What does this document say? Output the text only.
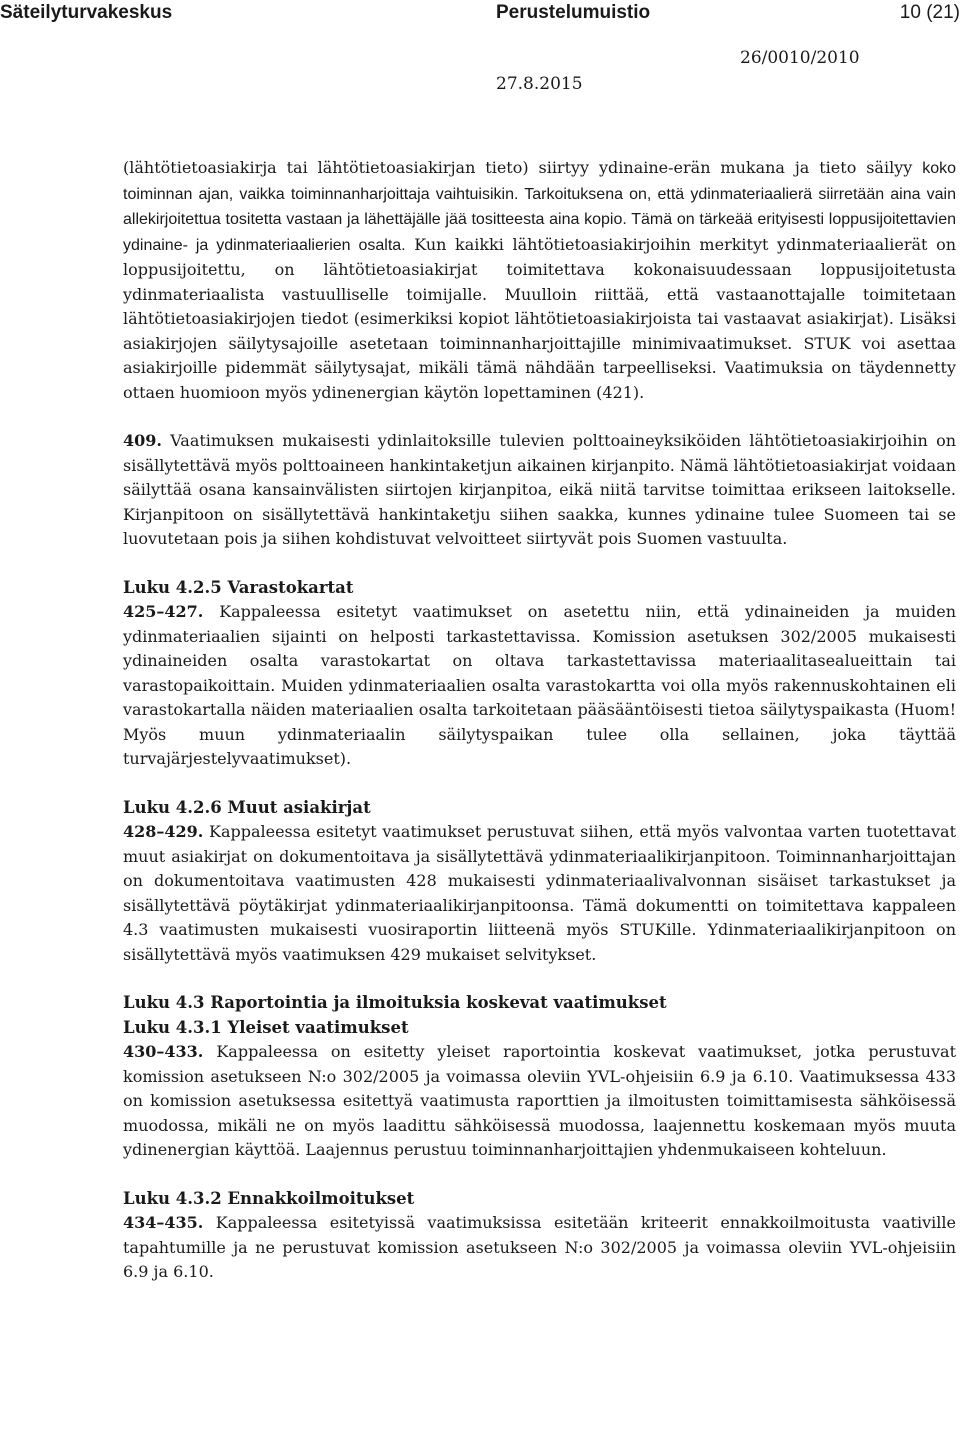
Säteilyturvakeskus	Perustelumuistio	10 (21)
26/0010/2010
27.8.2015

(lähtötietoasiakirja tai lähtötietoasiakirjan tieto) siirtyy ydinaine-erän mukana ja tieto säilyy koko toiminnan ajan, vaikka toiminnanharjoittaja vaihtuisikin. Tarkoituksena on, että ydinmateriaalierä siirretään aina vain allekirjoitettua tositetta vastaan ja lähettäjälle jää tositteesta aina kopio. Tämä on tärkeää erityisesti loppusijoitettavien ydinaine- ja ydinmateriaalierien osalta. Kun kaikki lähtötietoasiakirjoihin merkityt ydinmateriaalierät on loppusijoitettu, on lähtötietoasiakirjat toimitettava kokonaisuudessaan loppusijoitetusta ydinmateriaalista vastuulliselle toimijalle. Muulloin riittää, että vastaanottajalle toimitetaan lähtötietoasiakirjojen tiedot (esimerkiksi kopiot lähtötietoasiakirjoista tai vastaavat asiakirjat). Lisäksi asiakirjojen säilytysajoille asetetaan toiminnanharjoittajille minimivaatimukset. STUK voi asettaa asiakirjoille pidemmät säilytysajat, mikäli tämä nähdään tarpeelliseksi. Vaatimuksia on täydennetty ottaen huomioon myös ydinenergian käytön lopettaminen (421).

409. Vaatimuksen mukaisesti ydinlaitoksille tulevien polttoaineyksiköiden lähtötietoasiakirjoihin on sisällytettävä myös polttoaineen hankintaketjun aikainen kirjanpito. Nämä lähtötietoasiakirjat voidaan säilyttää osana kansainvälisten siirtojen kirjanpitoa, eikä niitä tarvitse toimittaa erikseen laitokselle. Kirjanpitoon on sisällytettävä hankintaketju siihen saakka, kunnes ydinaine tulee Suomeen tai se luovutetaan pois ja siihen kohdistuvat velvoitteet siirtyvät pois Suomen vastuulta.

Luku 4.2.5 Varastokartat

425–427. Kappaleessa esitetyt vaatimukset on asetettu niin, että ydinaineiden ja muiden ydinmateriaalien sijainti on helposti tarkastettavissa. Komission asetuksen 302/2005 mukaisesti ydinaineiden osalta varastokartat on oltava tarkastettavissa materiaalitasealueittain tai varastopaikoittain. Muiden ydinmateriaalien osalta varastokartta voi olla myös rakennuskohtainen eli varastokartalla näiden materiaalien osalta tarkoitetaan pääsääntöisesti tietoa säilytyspaikasta (Huom! Myös muun ydinmateriaalin säilytyspaikan tulee olla sellainen, joka täyttää turvajärjestelyvaatimukset).

Luku 4.2.6 Muut asiakirjat

428–429. Kappaleessa esitetyt vaatimukset perustuvat siihen, että myös valvontaa varten tuotettavat muut asiakirjat on dokumentoitava ja sisällytettävä ydinmateriaalikirjanpitoon. Toiminnanharjoittajan on dokumentoitava vaatimusten 428 mukaisesti ydinmateriaalivalvonnan sisäiset tarkastukset ja sisällytettävä pöytäkirjat ydinmateriaalikirjanpitoonsa. Tämä dokumentti on toimitettava kappaleen 4.3 vaatimusten mukaisesti vuosiraportin liitteenä myös STUKille. Ydinmateriaalikirjanpitoon on sisällytettävä myös vaatimuksen 429 mukaiset selvitykset.

Luku 4.3 Raportointia ja ilmoituksia koskevat vaatimukset

Luku 4.3.1 Yleiset vaatimukset

430–433. Kappaleessa on esitetty yleiset raportointia koskevat vaatimukset, jotka perustuvat komission asetukseen N:o 302/2005 ja voimassa oleviin YVL-ohjeisiin 6.9 ja 6.10. Vaatimuksessa 433 on komission asetuksessa esitettyä vaatimusta raporttien ja ilmoitusten toimittamisesta sähköisessä muodossa, mikäli ne on myös laadittu sähköisessä muodossa, laajennettu koskemaan myös muuta ydinenergian käyttöä. Laajennus perustuu toiminnanharjoittajien yhdenmukaiseen kohteluun.

Luku 4.3.2 Ennakkoilmoitukset

434–435. Kappaleessa esitetyissä vaatimuksissa esitetään kriteerit ennakkoilmoitusta vaativille tapahtumille ja ne perustuvat komission asetukseen N:o 302/2005 ja voimassa oleviin YVL-ohjeisiin 6.9 ja 6.10.
